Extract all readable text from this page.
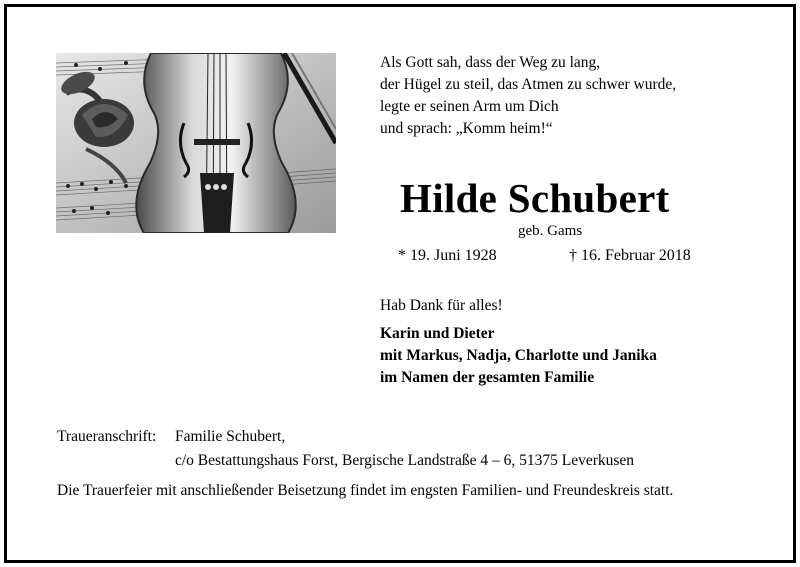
Als Gott sah, dass der Weg zu lang,
der Hügel zu steil, das Atmen zu schwer wurde,
legte er seinen Arm um Dich
und sprach: „Komm heim!“
Hilde Schubert
geb. Gams
* 19. Juni 1928	† 16. Februar 2018
Hab Dank für alles!
Karin und Dieter
mit Markus, Nadja, Charlotte und Janika
im Namen der gesamten Familie
Traueranschrift: Familie Schubert,
c/o Bestattungshaus Forst, Bergische Landstraße 4 – 6, 51375 Leverkusen
Die Trauerfeier mit anschließender Beisetzung findet im engsten Familien- und Freundeskreis statt.
